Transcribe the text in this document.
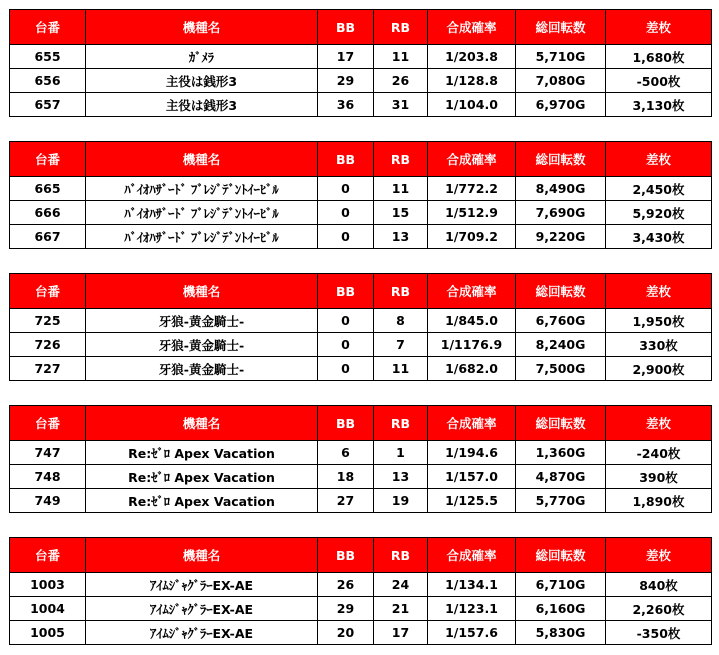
台番	機種名	BB	RB	合成確率	総回転数	差枚
655	ｶﾞﾒﾗ	17	11	1/203.8	5,710G	1,680枚
656	主役は銭形3	29	26	1/128.8	7,080G	-500枚
657	主役は銭形3	36	31	1/104.0	6,970G	3,130枚
台番	機種名	BB	RB	合成確率	総回転数	差枚
665	ﾊﾞｲｵﾊｻﾞｰﾄﾞ ﾌﾞﾚｼﾞﾃﾞﾝﾄｲｰﾋﾞﾙ	0	11	1/772.2	8,490G	2,450枚
666	ﾊﾞｲｵﾊｻﾞｰﾄﾞ ﾌﾞﾚｼﾞﾃﾞﾝﾄｲｰﾋﾞﾙ	0	15	1/512.9	7,690G	5,920枚
667	ﾊﾞｲｵﾊｻﾞｰﾄﾞ ﾌﾞﾚｼﾞﾃﾞﾝﾄｲｰﾋﾞﾙ	0	13	1/709.2	9,220G	3,430枚
台番	機種名	BB	RB	合成確率	総回転数	差枚
725	牙狼-黄金騎士-	0	8	1/845.0	6,760G	1,950枚
726	牙狼-黄金騎士-	0	7	1/1176.9	8,240G	330枚
727	牙狼-黄金騎士-	0	11	1/682.0	7,500G	2,900枚
台番	機種名	BB	RB	合成確率	総回転数	差枚
747	Re:ｾﾞﾛ Apex Vacation	6	1	1/194.6	1,360G	-240枚
748	Re:ｾﾞﾛ Apex Vacation	18	13	1/157.0	4,870G	390枚
749	Re:ｾﾞﾛ Apex Vacation	27	19	1/125.5	5,770G	1,890枚
台番	機種名	BB	RB	合成確率	総回転数	差枚
1003	ｱｲﾑｼﾞｬｸﾞﾗｰEX-AE	26	24	1/134.1	6,710G	840枚
1004	ｱｲﾑｼﾞｬｸﾞﾗｰEX-AE	29	21	1/123.1	6,160G	2,260枚
1005	ｱｲﾑｼﾞｬｸﾞﾗｰEX-AE	20	17	1/157.6	5,830G	-350枚
